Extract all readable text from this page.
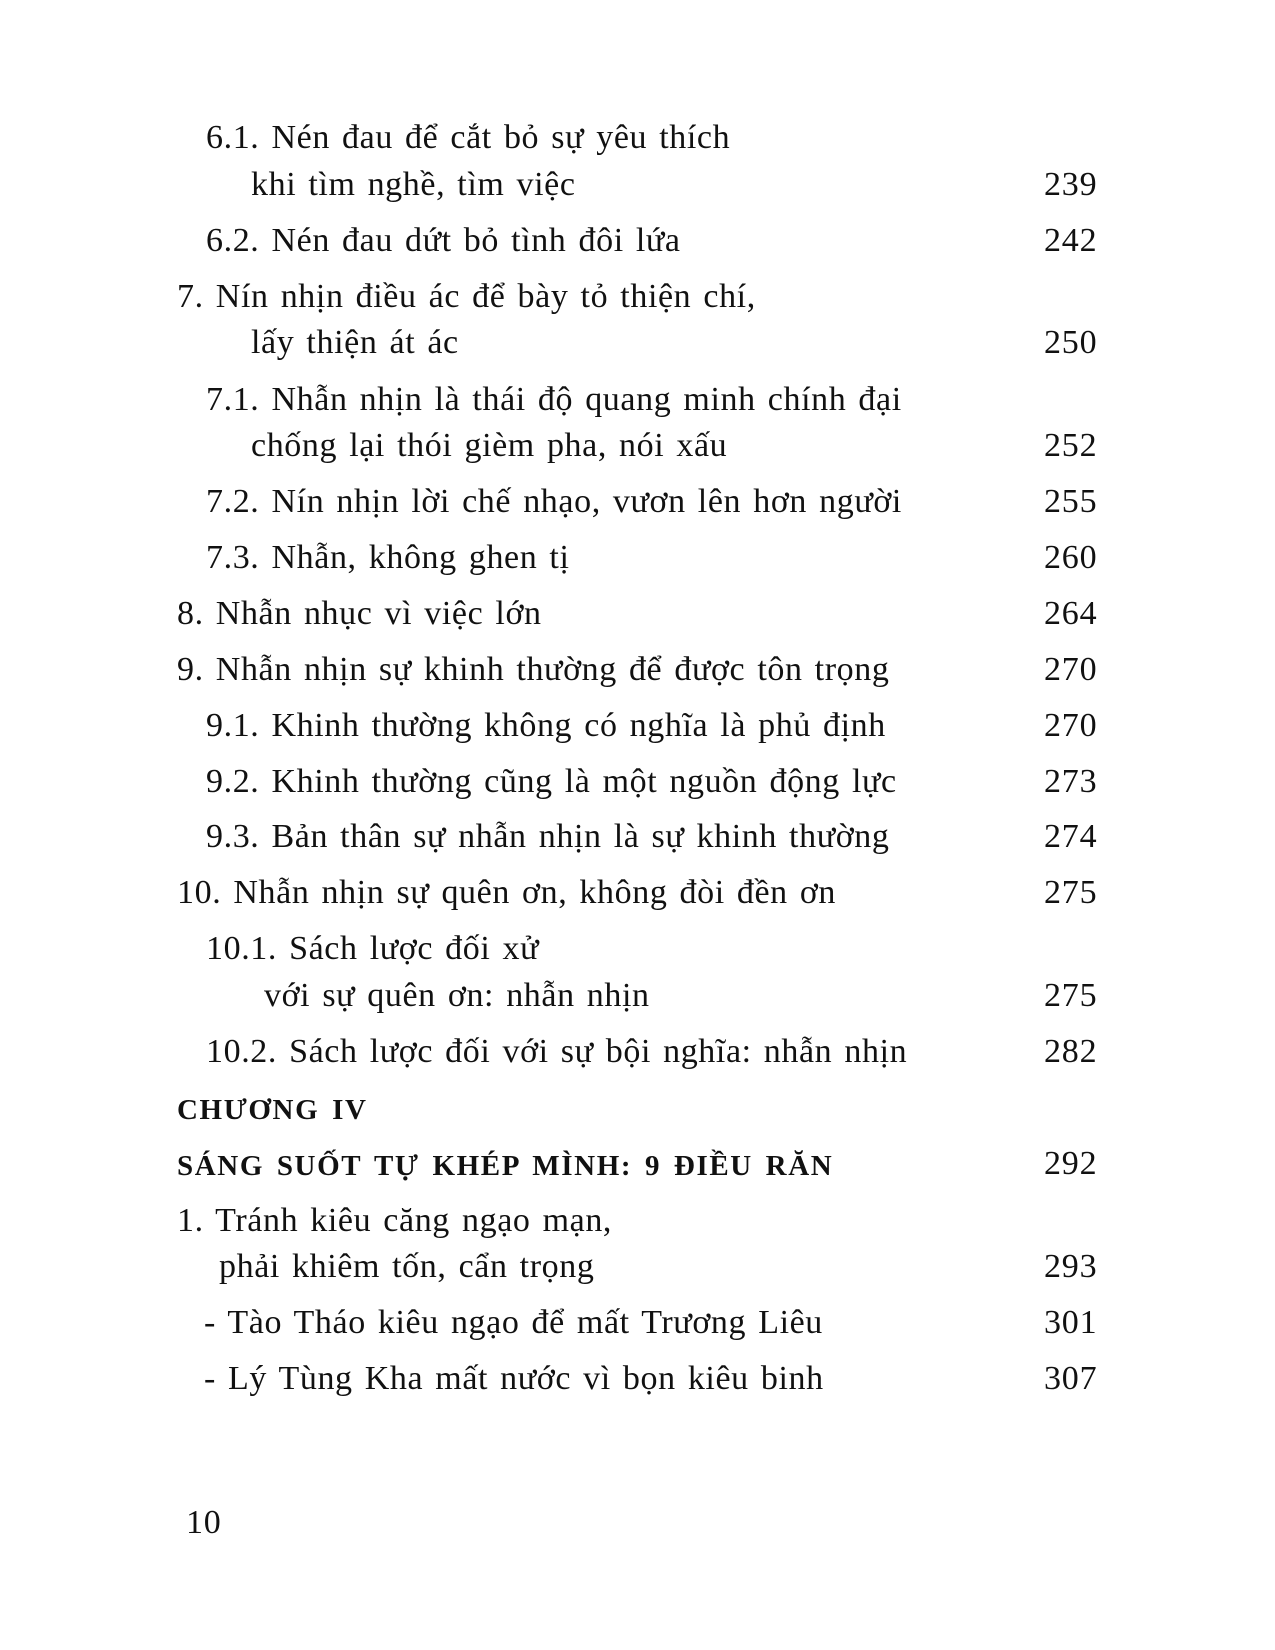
6.1. Nén đau để cắt bỏ sự yêu thích
khi tìm nghề, tìm việc	239
6.2. Nén đau dứt bỏ tình đôi lứa	242
7. Nín nhịn điều ác để bày tỏ thiện chí,
lấy thiện át ác	250
7.1. Nhẫn nhịn là thái độ quang minh chính đại
chống lại thói gièm pha, nói xấu	252
7.2. Nín nhịn lời chế nhạo, vươn lên hơn người	255
7.3. Nhẫn, không ghen tị	260
8. Nhẫn nhục vì việc lớn	264
9. Nhẫn nhịn sự khinh thường để được tôn trọng	270
9.1. Khinh thường không có nghĩa là phủ định	270
9.2. Khinh thường cũng là một nguồn động lực	273
9.3. Bản thân sự nhẫn nhịn là sự khinh thường	274
10. Nhẫn nhịn sự quên ơn, không đòi đền ơn	275
10.1. Sách lược đối xử
với sự quên ơn: nhẫn nhịn	275
10.2. Sách lược đối với sự bội nghĩa: nhẫn nhịn	282
CHƯƠNG IV
SÁNG SUỐT TỰ KHÉP MÌNH: 9 ĐIỀU RĂN	292
1. Tránh kiêu căng ngạo mạn,
phải khiêm tốn, cẩn trọng	293
- Tào Tháo kiêu ngạo để mất Trương Liêu	301
- Lý Tùng Kha mất nước vì bọn kiêu binh	307
10
